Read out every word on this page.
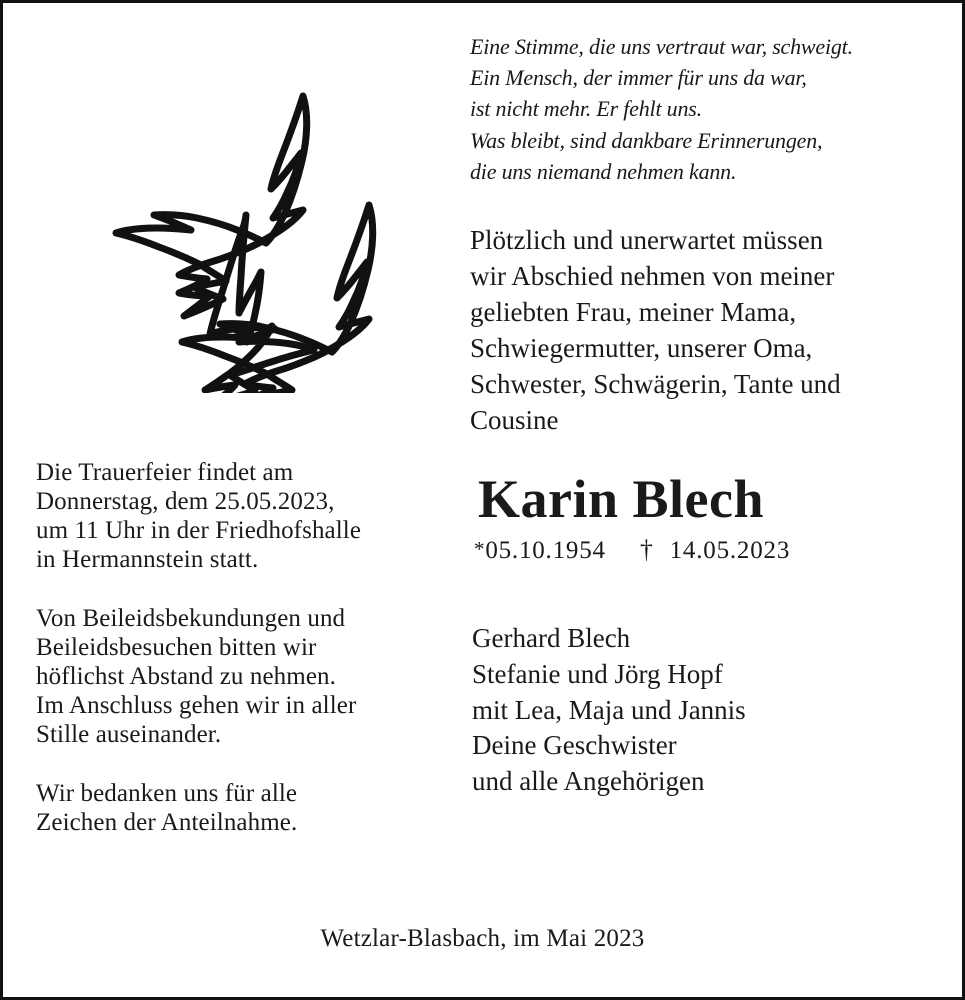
Eine Stimme, die uns vertraut war, schweigt.
Ein Mensch, der immer für uns da war,
ist nicht mehr. Er fehlt uns.
Was bleibt, sind dankbare Erinnerungen,
die uns niemand nehmen kann.
Plötzlich und unerwartet müssen
wir Abschied nehmen von meiner
geliebten Frau, meiner Mama,
Schwiegermutter, unserer Oma,
Schwester, Schwägerin, Tante und
Cousine
Karin Blech
*05.10.1954 † 14.05.2023
Gerhard Blech
Stefanie und Jörg Hopf
mit Lea, Maja und Jannis
Deine Geschwister
und alle Angehörigen

Die Trauerfeier findet am
Donnerstag, dem 25.05.2023,
um 11 Uhr in der Friedhofshalle
in Hermannstein statt.

Von Beileidsbekundungen und
Beileidsbesuchen bitten wir
höflichst Abstand zu nehmen.
Im Anschluss gehen wir in aller
Stille auseinander.

Wir bedanken uns für alle
Zeichen der Anteilnahme.

Wetzlar-Blasbach, im Mai 2023
